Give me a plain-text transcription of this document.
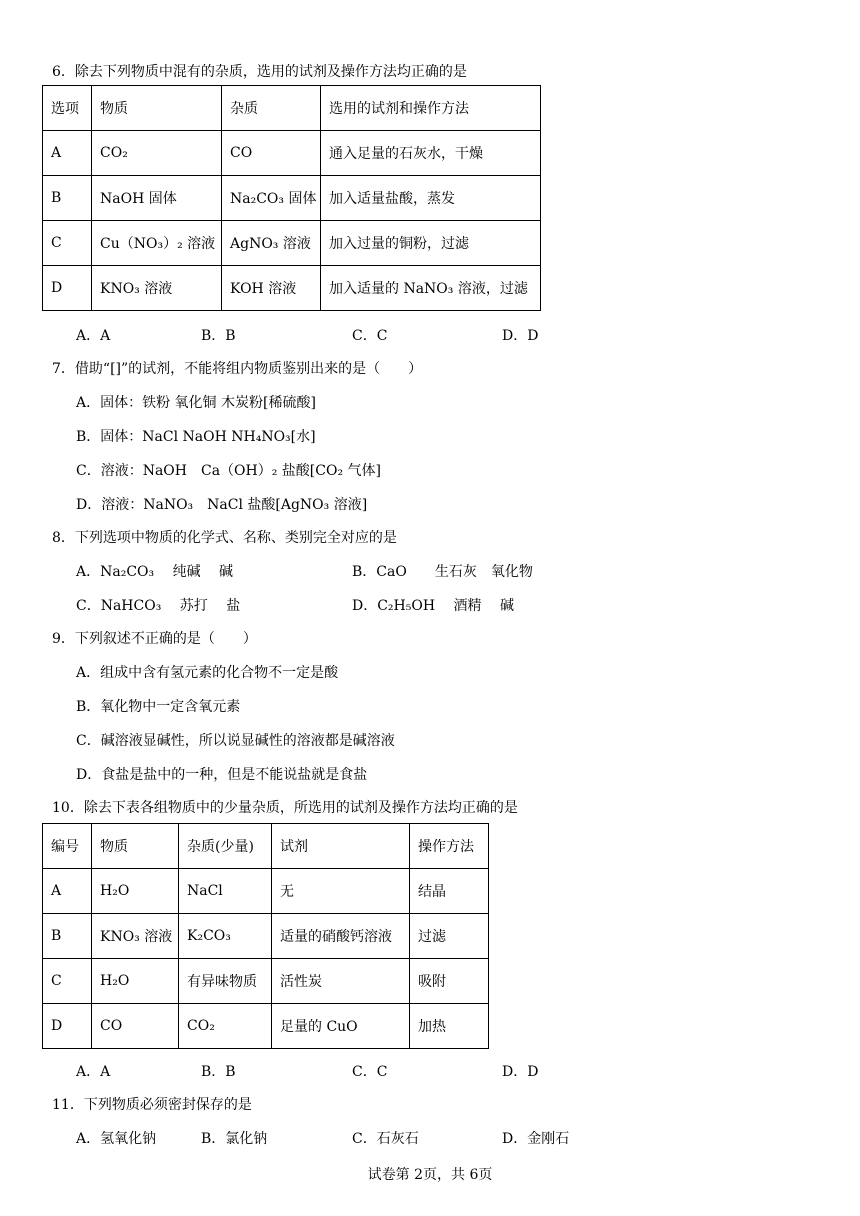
6．除去下列物质中混有的杂质，选用的试剂及操作方法均正确的是
选项	物质	杂质	选用的试剂和操作方法
A	CO₂	CO	通入足量的石灰水，干燥
B	NaOH 固体	Na₂CO₃ 固体	加入适量盐酸，蒸发
C	Cu（NO₃）₂ 溶液	AgNO₃ 溶液	加入过量的铜粉，过滤
D	KNO₃ 溶液	KOH 溶液	加入适量的 NaNO₃ 溶液，过滤
A．A	B．B	C．C	D．D
7．借助“[]”的试剂，不能将组内物质鉴别出来的是（　　）
A．固体：铁粉 氧化铜 木炭粉[稀硫酸]
B．固体：NaCl NaOH NH₄NO₃[水]
C．溶液：NaOH　Ca（OH）₂ 盐酸[CO₂ 气体]
D．溶液：NaNO₃　NaCl 盐酸[AgNO₃ 溶液]
8．下列选项中物质的化学式、名称、类别完全对应的是
A．Na₂CO₃　 纯碱　 碱	B．CaO　　生石灰　氧化物
C．NaHCO₃　 苏打　 盐	D．C₂H₅OH　 酒精　 碱
9．下列叙述不正确的是（　　）
A．组成中含有氢元素的化合物不一定是酸
B．氧化物中一定含氧元素
C．碱溶液显碱性，所以说显碱性的溶液都是碱溶液
D．食盐是盐中的一种，但是不能说盐就是食盐
10．除去下表各组物质中的少量杂质，所选用的试剂及操作方法均正确的是
编号	物质	杂质(少量)	试剂	操作方法
A	H₂O	NaCl	无	结晶
B	KNO₃ 溶液	K₂CO₃	适量的硝酸钙溶液	过滤
C	H₂O	有异味物质	活性炭	吸附
D	CO	CO₂	足量的 CuO	加热
A．A	B．B	C．C	D．D
11．下列物质必须密封保存的是
A．氢氧化钠	B．氯化钠	C．石灰石	D．金刚石
试卷第 2页，共 6页
